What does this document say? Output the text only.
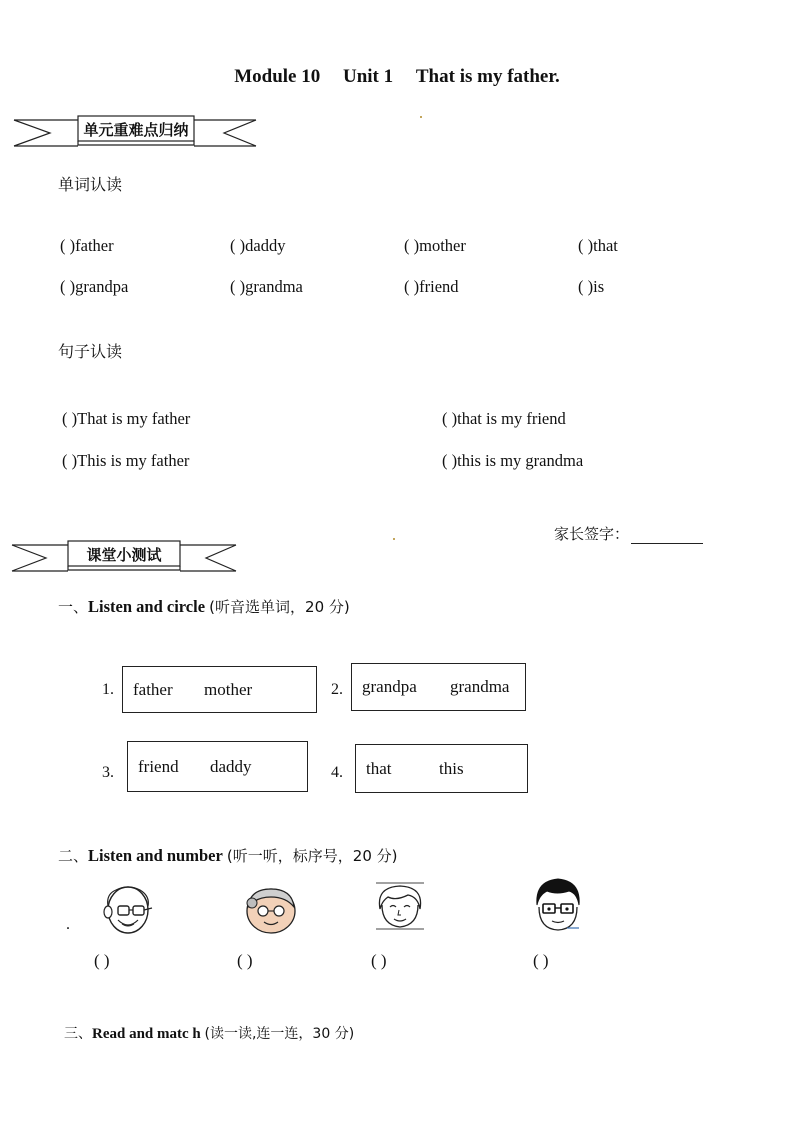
Module 10 Unit 1 That is my father.
单元重难点归纳
单词认读
( )father	( )daddy	( )mother	( )that
( )grandpa	( )grandma	( )friend	( )is
句子认读
( )That is my father	( )that is my friend
( )This is my father	( )this is my grandma
家长签字：
课堂小测试
一、Listen and circle (听音选单词，20 分)
1. father mother	2. grandpa grandma
3. friend daddy	4. that	this
二、Listen and number (听一听，标序号，20 分)
.
( )	( )	( )	( )
三、Read and matc h (读一读,连一连，30 分)
